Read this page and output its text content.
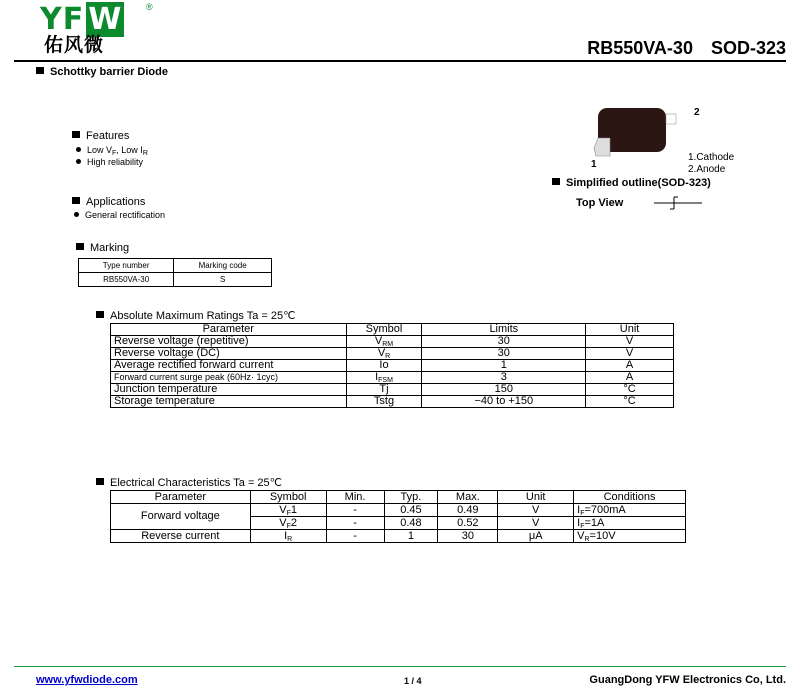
YF W	®
佑风微	RB550VA-30 SOD-323
Schottky barrier Diode
Features
Low $V_F$, Low $I_R$
High reliability
Applications
General rectification
Marking
Type number	Marking code
RB550VA-30	S
2
1
1.Cathode
2.Anode
Simplified outline(SOD-323)
Top View
Absolute Maximum Ratings Ta = 25℃
Parameter	Symbol	Limits	Unit
Reverse voltage (repetitive)	$V_{RM}$	30	V
Reverse voltage (DC)	$V_R$	30	V
Average rectified forward current	Io	1	A
Forward current surge peak (60Hz· 1cyc)	$I_{FSM}$	3	A
Junction temperature	Tj	150	°C
Storage temperature	Tstg	−40 to +150	°C
Electrical Characteristics Ta = 25℃
Parameter	Symbol	Min.	Typ.	Max.	Unit	Conditions
Forward voltage	$V_F1$	-	0.45	0.49	V	$I_F=700mA$
	$V_F2$	-	0.48	0.52	V	$I_F=1A$
Reverse current	$I_R$	-	1	30	μA	$V_R=10V$
www.yfwdiode.com	1 / 4	GuangDong YFW Electronics Co, Ltd.
